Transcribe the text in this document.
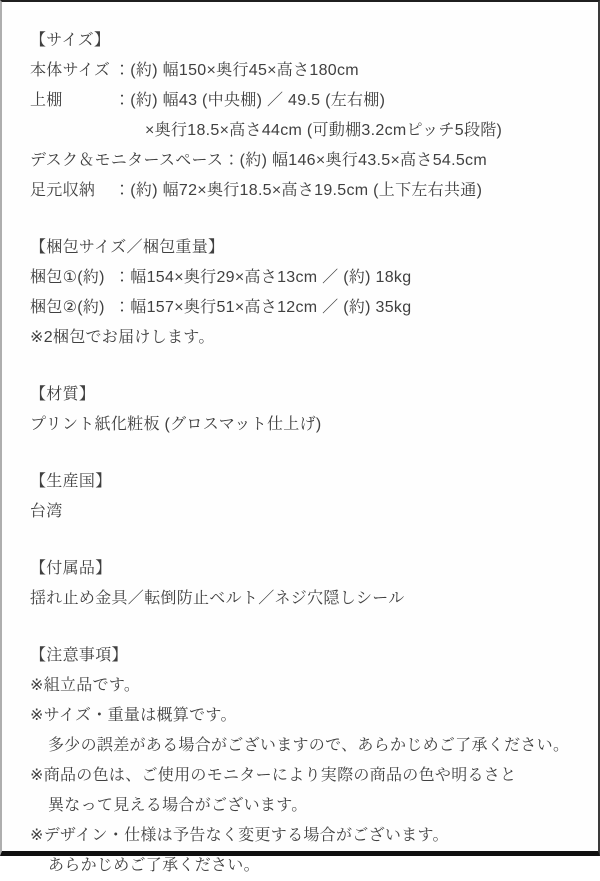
【サイズ】
本体サイズ ：(約) 幅150×奥行45×高さ180cm
上棚	：(約) 幅43 (中央棚) ／ 49.5 (左右棚)
×奥行18.5×高さ44cm (可動棚3.2cmピッチ5段階)
デスク＆モニタースペース ：(約) 幅146×奥行43.5×高さ54.5cm
足元収納	：(約) 幅72×奥行18.5×高さ19.5cm (上下左右共通)
【梱包サイズ／梱包重量】
梱包①(約) ：幅154×奥行29×高さ13cm ／ (約) 18kg
梱包②(約) ：幅157×奥行51×高さ12cm ／ (約) 35kg
※2梱包でお届けします。
【材質】
プリント紙化粧板 (グロスマット仕上げ)
【生産国】
台湾
【付属品】
揺れ止め金具／転倒防止ベルト／ネジ穴隠しシール
【注意事項】
※組立品です。
※サイズ・重量は概算です。
多少の誤差がある場合がございますので、あらかじめご了承ください。
※商品の色は、ご使用のモニターにより実際の商品の色や明るさと
異なって見える場合がございます。
※デザイン・仕様は予告なく変更する場合がございます。
あらかじめご了承ください。
